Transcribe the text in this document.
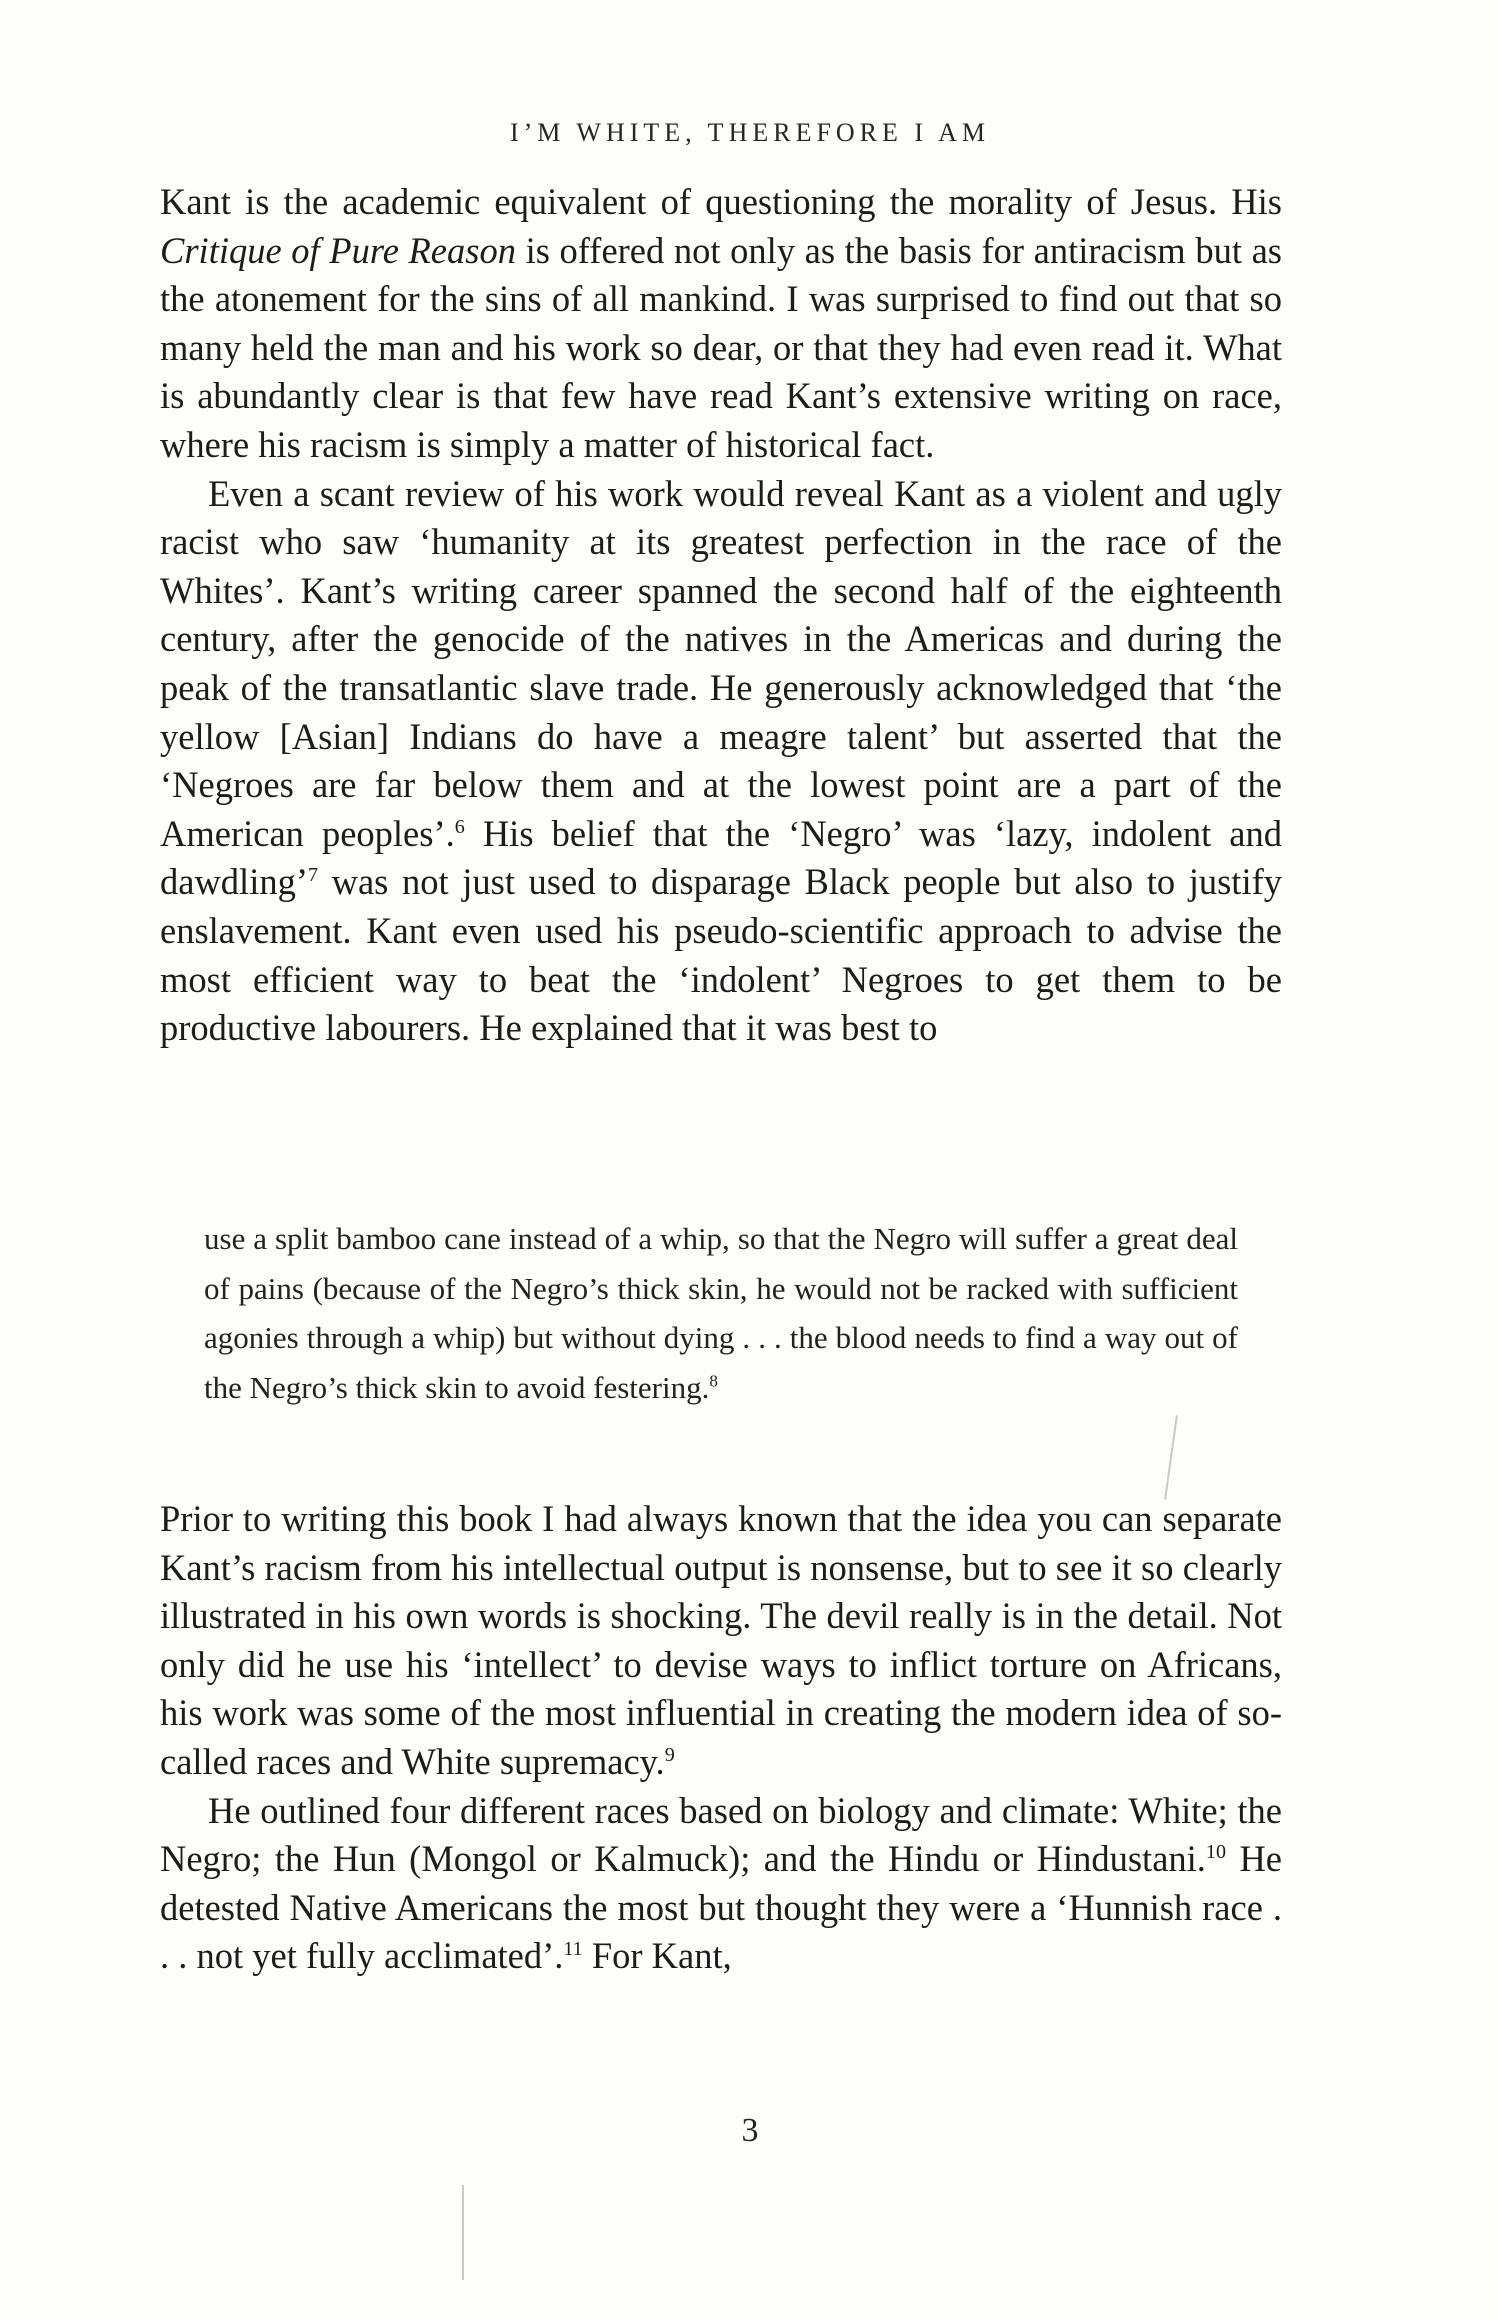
I’M WHITE, THEREFORE I AM

Kant is the academic equivalent of questioning the morality of Jesus. His Critique of Pure Reason is offered not only as the basis for antiracism but as the atonement for the sins of all mankind. I was surprised to find out that so many held the man and his work so dear, or that they had even read it. What is abundantly clear is that few have read Kant’s extensive writing on race, where his racism is simply a matter of historical fact.

Even a scant review of his work would reveal Kant as a violent and ugly racist who saw ‘humanity at its greatest perfection in the race of the Whites’. Kant’s writing career spanned the second half of the eighteenth century, after the genocide of the natives in the Americas and during the peak of the transatlantic slave trade. He generously acknowledged that ‘the yellow [Asian] Indians do have a meagre talent’ but asserted that the ‘Negroes are far below them and at the lowest point are a part of the American peoples’.$^6$ His belief that the ‘Negro’ was ‘lazy, indolent and dawdling’$^7$ was not just used to disparage Black people but also to justify enslavement. Kant even used his pseudo-scientific approach to advise the most efficient way to beat the ‘indolent’ Negroes to get them to be productive labourers. He explained that it was best to

use a split bamboo cane instead of a whip, so that the Negro will suffer a great deal of pains (because of the Negro’s thick skin, he would not be racked with sufficient agonies through a whip) but without dying . . . the blood needs to find a way out of the Negro’s thick skin to avoid festering.$^8$

Prior to writing this book I had always known that the idea you can separate Kant’s racism from his intellectual output is nonsense, but to see it so clearly illustrated in his own words is shocking. The devil really is in the detail. Not only did he use his ‘intellect’ to devise ways to inflict torture on Africans, his work was some of the most influential in creating the modern idea of so-called races and White supremacy.$^9$

He outlined four different races based on biology and climate: White; the Negro; the Hun (Mongol or Kalmuck); and the Hindu or Hindustani.$^{10}$ He detested Native Americans the most but thought they were a ‘Hunnish race . . . not yet fully acclimated’.$^{11}$ For Kant,

3
